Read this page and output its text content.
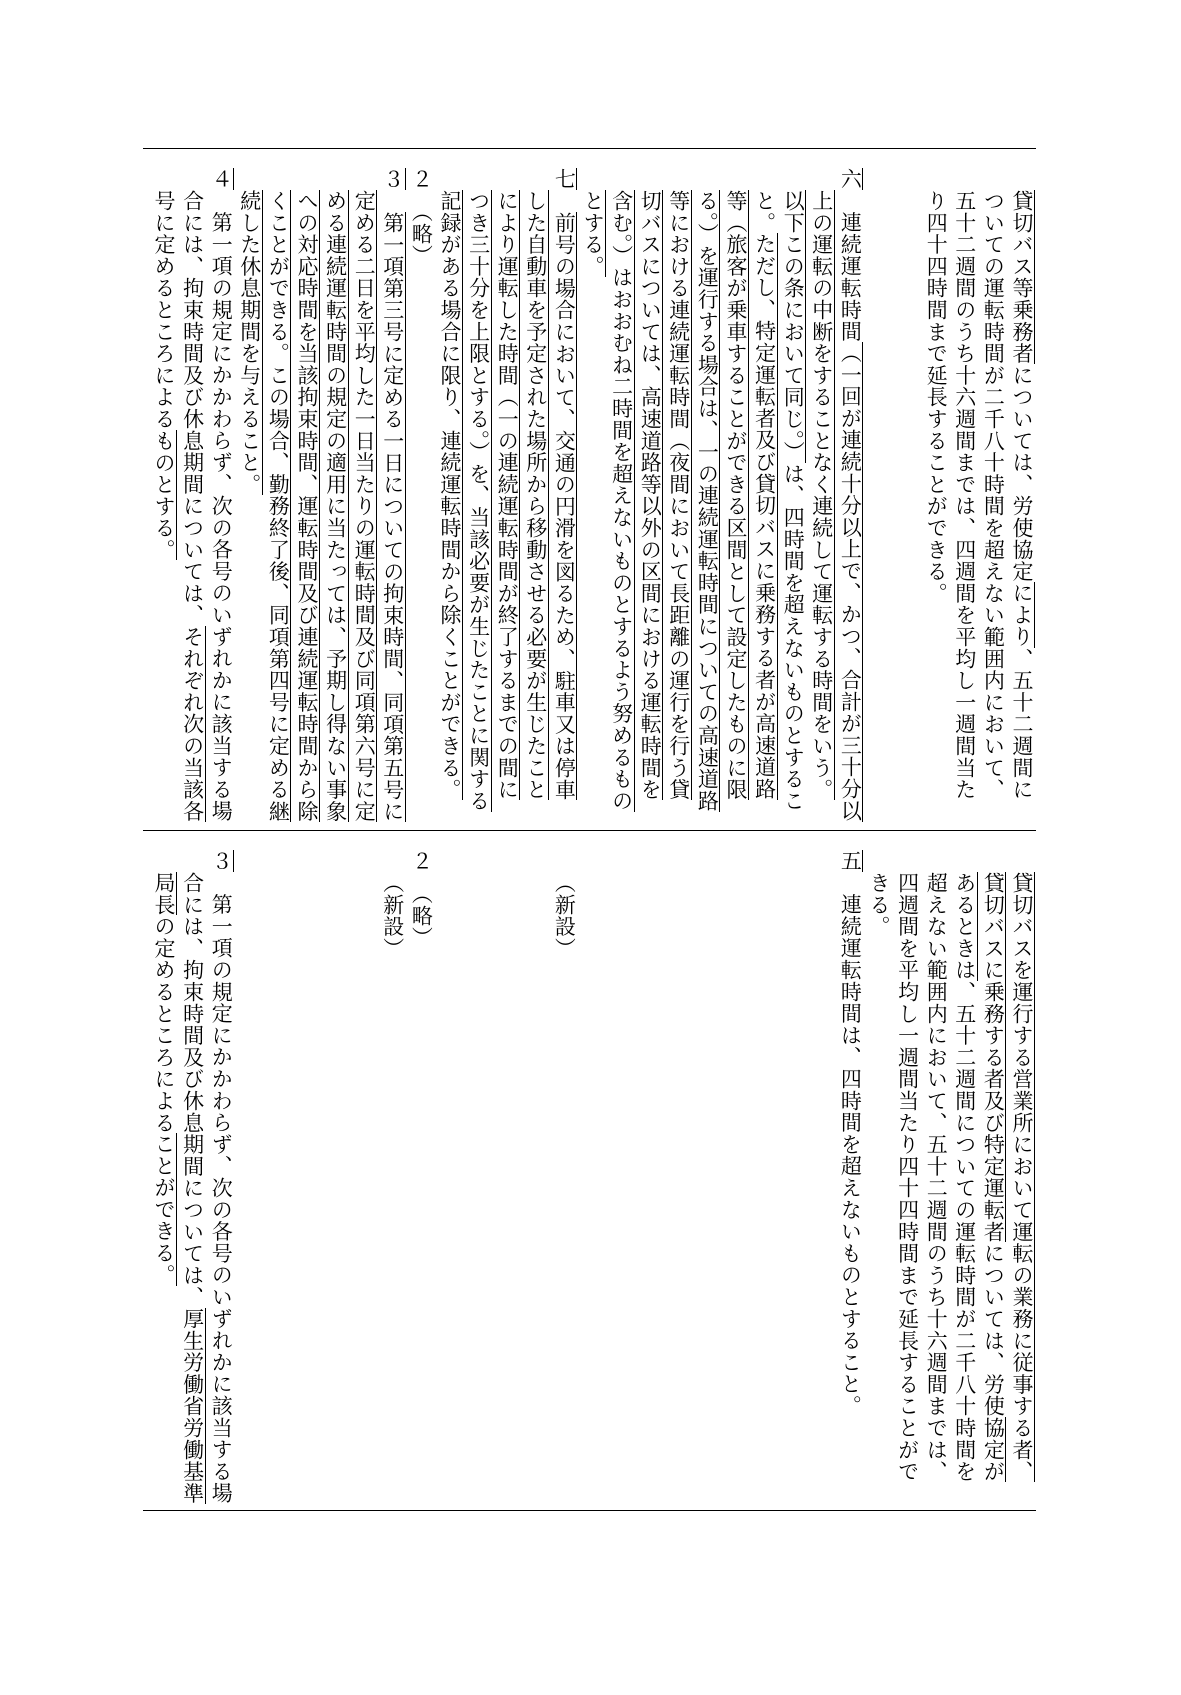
貸切バス等乗務者については、労使協定により、五十二週間に
ついての運転時間が二千八十時間を超えない範囲内において、
五十二週間のうち十六週間までは、四週間を平均し一週間当た
り四十四時間まで延長することができる。
六　連続運転時間（一回が連続十分以上で、かつ、合計が三十分以
上の運転の中断をすることなく連続して運転する時間をいう。
以下この条において同じ。）は、四時間を超えないものとするこ
と。ただし、特定運転者及び貸切バスに乗務する者が高速道路
等（旅客が乗車することができる区間として設定したものに限
る。）を運行する場合は、一の連続運転時間についての高速道路
等における連続運転時間（夜間において長距離の運行を行う貸
切バスについては、高速道路等以外の区間における運転時間を
含む。）はおおむね二時間を超えないものとするよう努めるもの
とする。
七　前号の場合において、交通の円滑を図るため、駐車又は停車
した自動車を予定された場所から移動させる必要が生じたこと
により運転した時間（一の連続運転時間が終了するまでの間に
つき三十分を上限とする。）を、当該必要が生じたことに関する
記録がある場合に限り、連続運転時間から除くことができる。
２　（略）
３　第一項第三号に定める一日についての拘束時間、同項第五号に
定める二日を平均した一日当たりの運転時間及び同項第六号に定
める連続運転時間の規定の適用に当たっては、予期し得ない事象
への対応時間を当該拘束時間、運転時間及び連続運転時間から除
くことができる。この場合、勤務終了後、同項第四号に定める継
続した休息期間を与えること。
４　第一項の規定にかかわらず、次の各号のいずれかに該当する場
合には、拘束時間及び休息期間については、それぞれ次の当該各
号に定めるところによるものとする。
貸切バスを運行する営業所において運転の業務に従事する者、
貸切バスに乗務する者及び特定運転者については、労使協定が
あるときは、五十二週間についての運転時間が二千八十時間を
超えない範囲内において、五十二週間のうち十六週間までは、
四週間を平均し一週間当たり四十四時間まで延長することがで
きる。
五　連続運転時間は、四時間を超えないものとすること。
（新設）
２　（略）
（新設）
３　第一項の規定にかかわらず、次の各号のいずれかに該当する場
合には、拘束時間及び休息期間については、厚生労働省労働基準
局長の定めるところによることができる。
